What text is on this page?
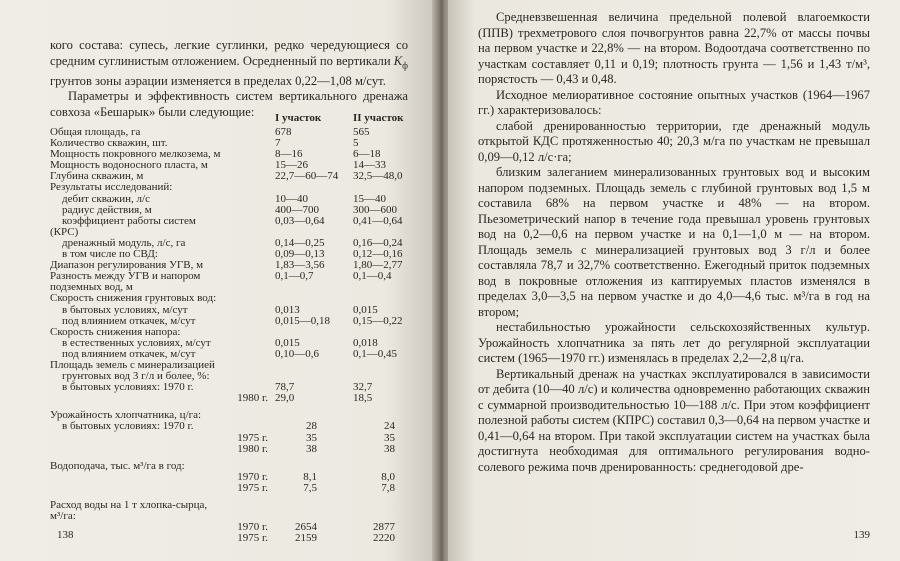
кого состава: супесь, легкие суглинки, редко чередующиеся со средним суглинистым отложением. Осредненный по вертикали $K_ф$ грунтов зоны аэрации изменяется в пределах 0,22—1,08 м/сут.

Параметры и эффективность систем вертикального дренажа совхоза «Бешарык» были следующие:	I участок	II участок
Общая площадь, га	678	565
Количество скважин, шт.	7	5
Мощность покровного мелкозема, м	8—16	6—18
Мощность водоносного пласта, м	15—26	14—33
Глубина скважин, м	22,7—60—74	32,5—48,0
Результаты исследований:
дебит скважин, л/с	10—40	15—40
радиус действия, м	400—700	300—600
коэффициент работы систем	0,03—0,64	0,41—0,64
(КРС)
дренажный модуль, л/с, га	0,14—0,25	0,16—0,24
в том числе по СВД:	0,09—0,13	0,12—0,16
Диапазон регулирования УГВ, м	1,83—3,56	1,80—2,77
Разность между УГВ и напором	0,1—0,7	0,1—0,4
подземных вод, м
Скорость снижения грунтовых вод:
в бытовых условиях, м/сут	0,013	0,015
под влиянием откачек, м/сут	0,015—0,18	0,15—0,22
Скорость снижения напора:
в естественных условиях, м/сут	0,015	0,018
под влиянием откачек, м/сут	0,10—0,6	0,1—0,45
Площадь земель с минерализацией
грунтовых вод 3 г/л и более, %:
в бытовых условиях: 1970 г.	78,7	32,7
1980 г. 29,0	18,5
Урожайность хлопчатника, ц/га:
в бытовых условиях: 1970 г.	28	24
1975 г.	35	35
1980 г.	38	38
Водоподача, тыс. м³/га в год:
1970 г.	8,1	8,0
1975 г.	7,5	7,8
Расход воды на 1 т хлопка-сырца,
м³/га:
1970 г.	2654	2877
1975 г.	2159	2220
138

Средневзвешенная величина предельной полевой влагоемкости (ППВ) трехметрового слоя почвогрунтов равна 22,7% от массы почвы на первом участке и 22,8% — на втором. Водоотдача соответственно по участкам составляет 0,11 и 0,19; плотность грунта — 1,56 и 1,43 т/м³, порястость — 0,43 и 0,48.

Исходное мелиоративное состояние опытных участков (1964—1967 гг.) характеризовалось:

слабой дренированностью территории, где дренажный модуль открытой КДС протяженностью 40; 20,3 м/га по участкам не превышал 0,09—0,12 л/с·га;

близким залеганием минерализованных грунтовых вод и высоким напором подземных. Площадь земель с глубиной грунтовых вод 1,5 м составила 68% на первом участке и 48% — на втором. Пьезометрический напор в течение года превышал уровень грунтовых вод на 0,2—0,6 на первом участке и на 0,1—1,0 м — на втором. Площадь земель с минерализацией грунтовых вод 3 г/л и более составляла 78,7 и 32,7% соответственно. Ежегодный приток подземных вод в покровные отложения из каптируемых пластов изменялся в пределах 3,0—3,5 на первом участке и до 4,0—4,6 тыс. м³/га в год на втором;

нестабильностью урожайности сельскохозяйственных культур. Урожайность хлопчатника за пять лет до регулярной эксплуатации систем (1965—1970 гг.) изменялась в пределах 2,2—2,8 ц/га.

Вертикальный дренаж на участках эксплуатировался в зависимости от дебита (10—40 л/с) и количества одновременно работающих скважин с суммарной производительностью 10—188 л/с. При этом коэффициент полезной работы систем (КПРС) составил 0,3—0,64 на первом участке и 0,41—0,64 на втором. При такой эксплуатации систем на участках была достигнута необходимая для оптимального регулирования водно-солевого режима почв дренированность: среднегодовой дре-

139
